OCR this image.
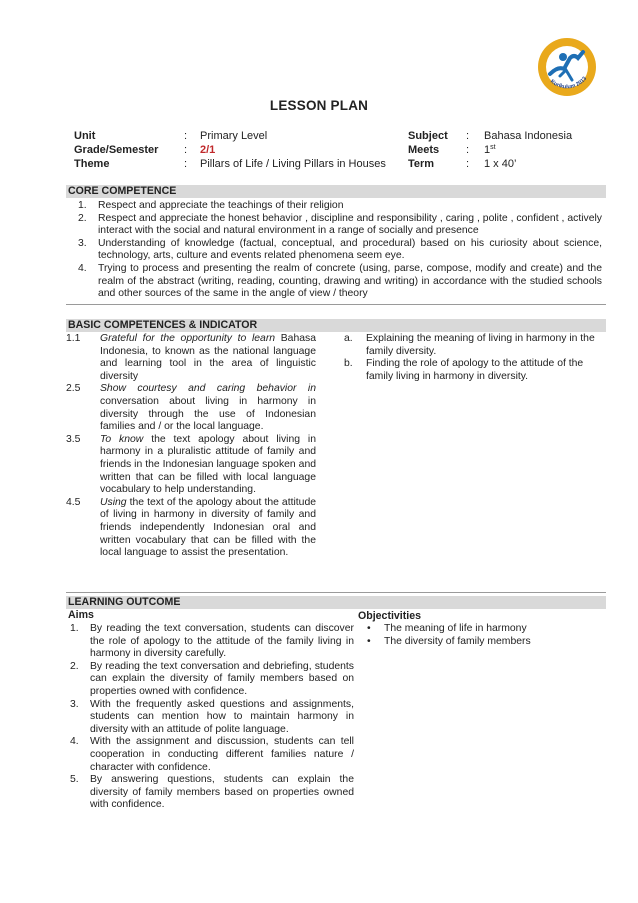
Kurikulum 2013
LESSON PLAN
Unit	: Primary Level	Subject : Bahasa Indonesia
Grade/Semester : 2/1	Meets : 1st
Theme	: Pillars of Life / Living Pillars in Houses Term	: 1 x 40’
CORE COMPETENCE
1. Respect and appreciate the teachings of their religion
2. Respect and appreciate the honest behavior , discipline and responsibility , caring , polite , confident , actively interact with the social and natural environment in a range of socially and presence
3. Understanding of knowledge (factual, conceptual, and procedural) based on his curiosity about science, technology, arts, culture and events related phenomena seem eye.
4. Trying to process and presenting the realm of concrete (using, parse, compose, modify and create) and the realm of the abstract (writing, reading, counting, drawing and writing) in accordance with the studied schools and other sources of the same in the angle of view / theory
BASIC COMPETENCES & INDICATOR
1.1 Grateful for the opportunity to learn Bahasa Indonesia, to known as the national language and learning tool in the area of linguistic diversity
2.5 Show courtesy and caring behavior in conversation about living in harmony in diversity through the use of Indonesian families and / or the local language.
3.5 To know the text apology about living in harmony in a pluralistic attitude of family and friends in the Indonesian language spoken and written that can be filled with local language vocabulary to help understanding.
4.5 Using the text of the apology about the attitude of living in harmony in diversity of family and friends independently Indonesian oral and written vocabulary that can be filled with the local language to assist the presentation.
a. Explaining the meaning of living in harmony in the family diversity.
b. Finding the role of apology to the attitude of the family living in harmony in diversity.
LEARNING OUTCOME
Aims	Objectivities
1. By reading the text conversation, students can discover the role of apology to the attitude of the family living in harmony in diversity carefully.
2. By reading the text conversation and debriefing, students can explain the diversity of family members based on properties owned with confidence.
3. With the frequently asked questions and assignments, students can mention how to maintain harmony in diversity with an attitude of polite language.
4. With the assignment and discussion, students can tell cooperation in conducting different families nature / character with confidence.
5. By answering questions, students can explain the diversity of family members based on properties owned with confidence.
• The meaning of life in harmony
• The diversity of family members
